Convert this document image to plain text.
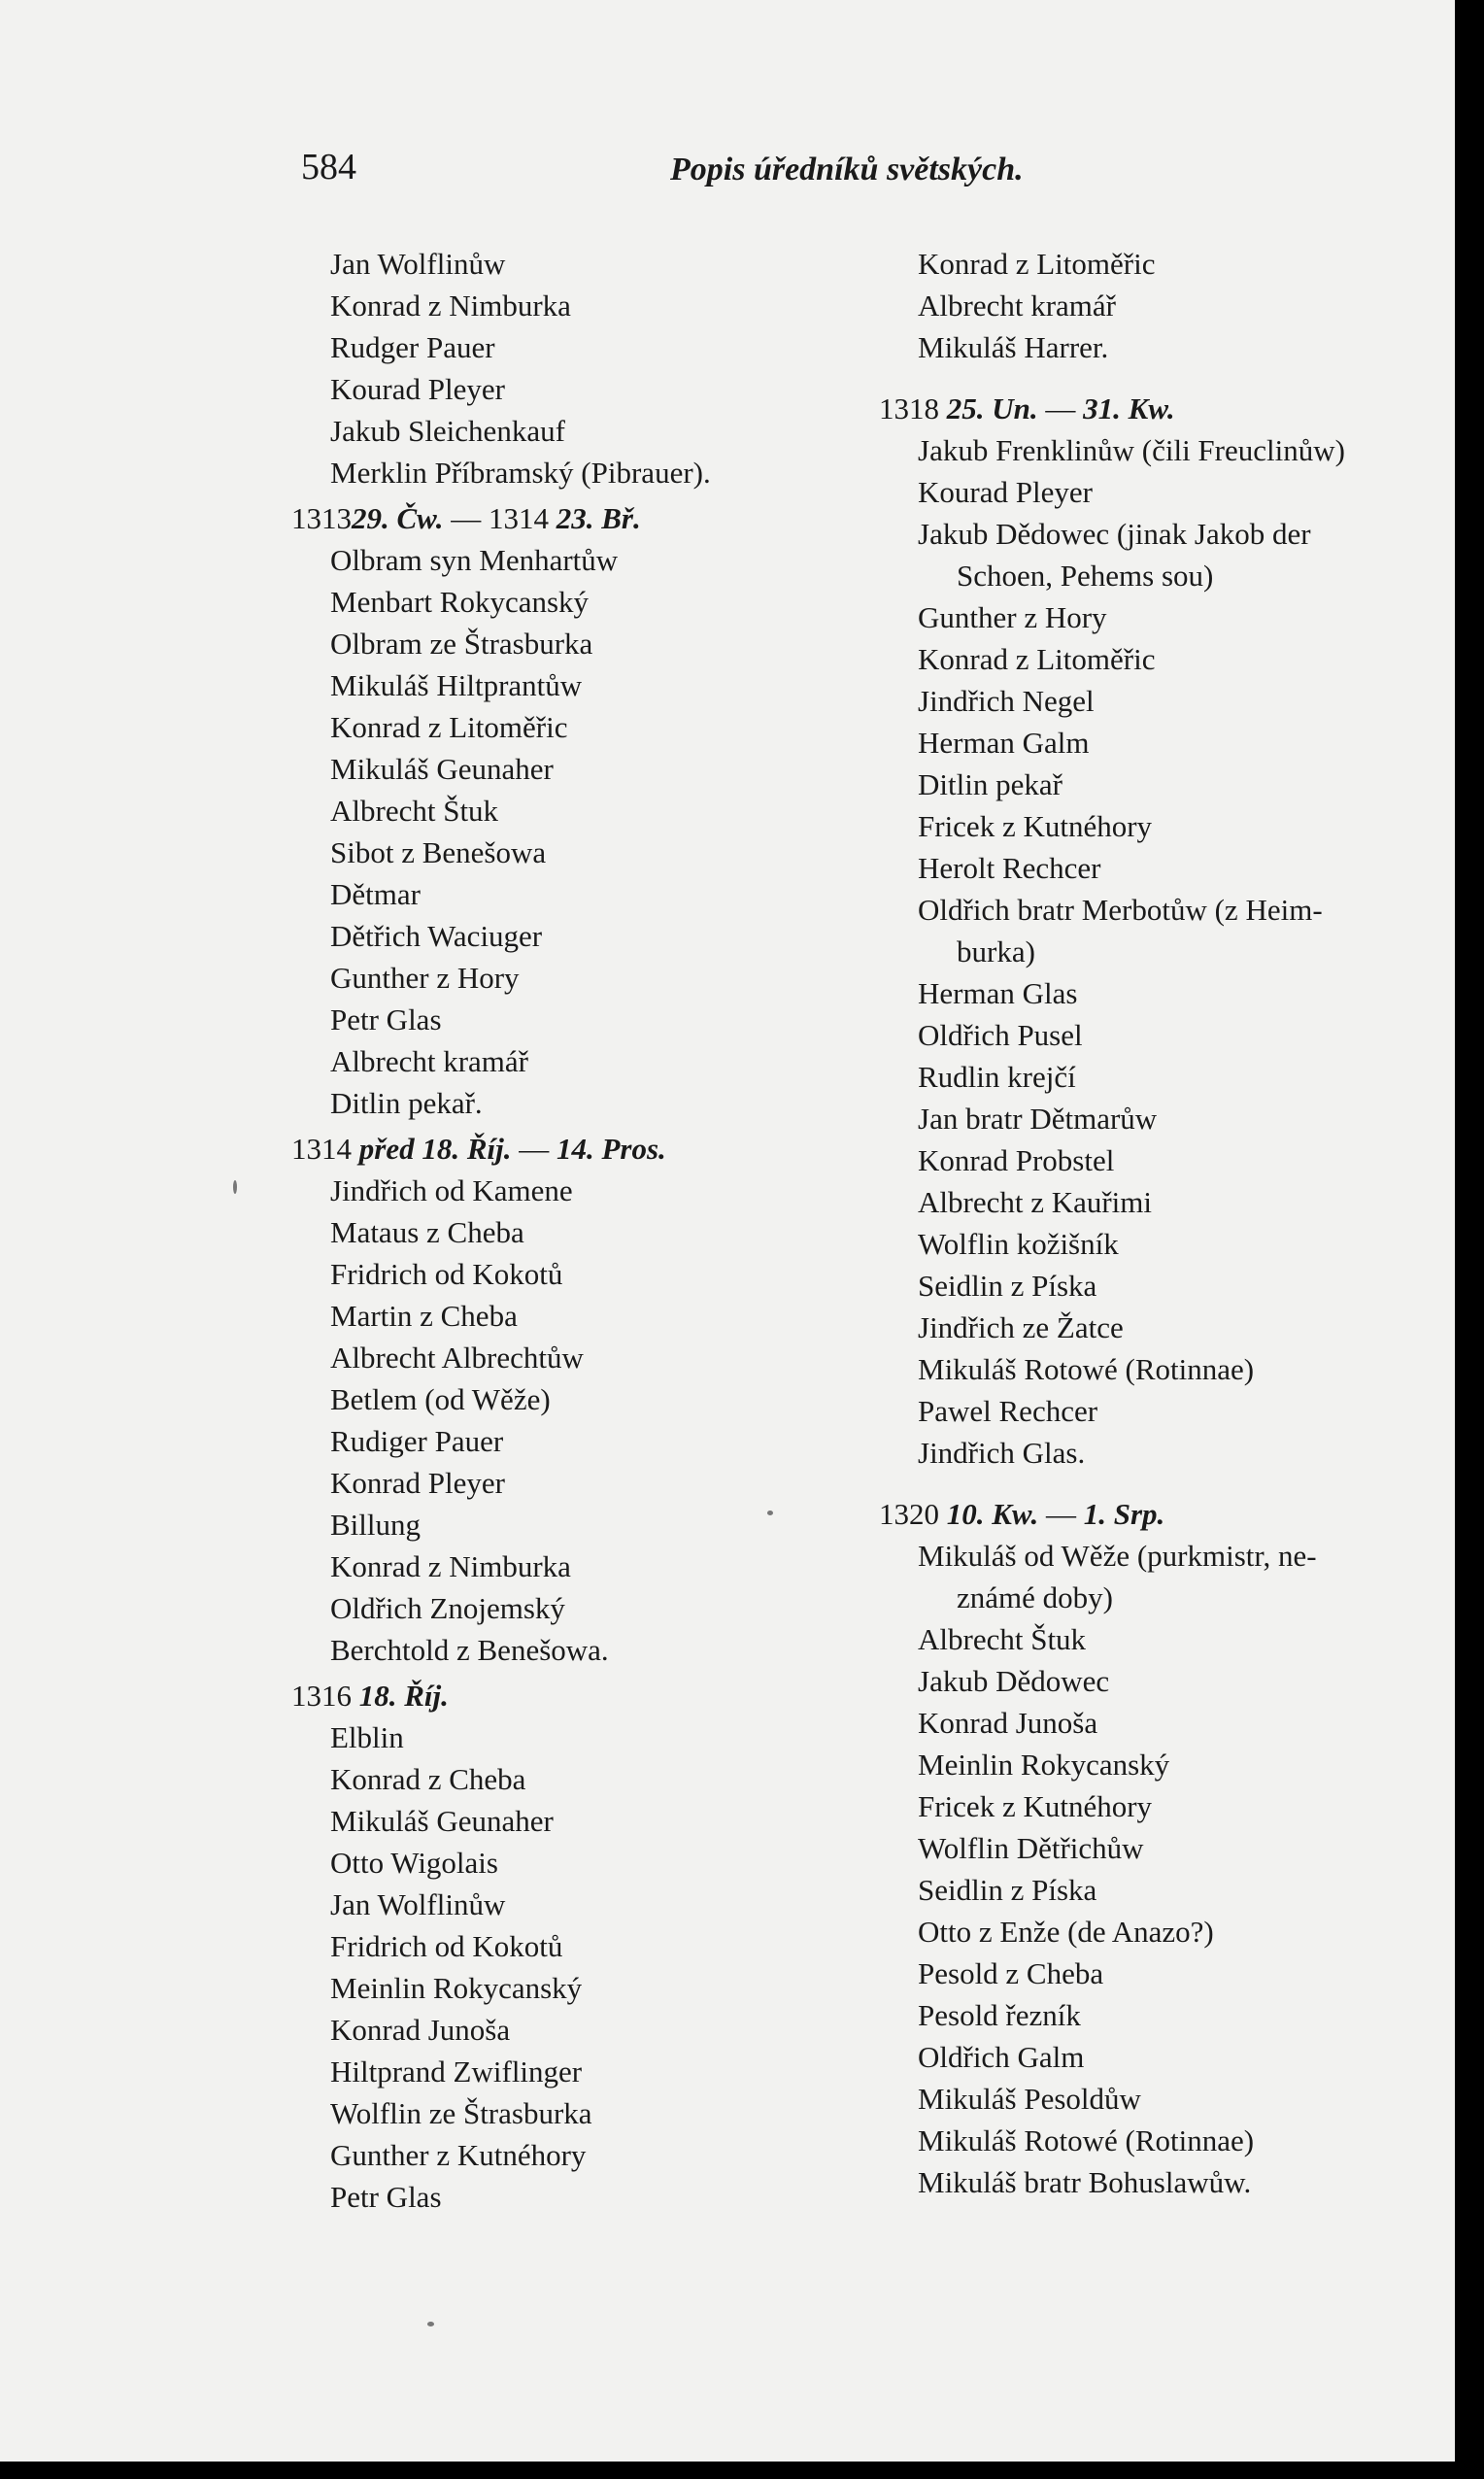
584	Popis úředníků světských.
Jan Wolflinůw
Konrad z Nimburka
Rudger Pauer
Kourad Pleyer
Jakub Sleichenkauf
Merklin Příbramský (Pibrauer).
131329. Čw. — 1314 23. Bř.
Olbram syn Menhartůw
Menbart Rokycanský
Olbram ze Štrasburka
Mikuláš Hiltprantůw
Konrad z Litoměřic
Mikuláš Geunaher
Albrecht Štuk
Sibot z Benešowa
Dětmar
Dětřich Waciuger
Gunther z Hory
Petr Glas
Albrecht kramář
Ditlin pekař.
1314 před 18. Říj. — 14. Pros.
Jindřich od Kamene
Mataus z Cheba
Fridrich od Kokotů
Martin z Cheba
Albrecht Albrechtůw
Betlem (od Wěže)
Rudiger Pauer
Konrad Pleyer
Billung
Konrad z Nimburka
Oldřich Znojemský
Berchtold z Benešowa.
1316 18. Říj.
Elblin
Konrad z Cheba
Mikuláš Geunaher
Otto Wigolais
Jan Wolflinůw
Fridrich od Kokotů
Meinlin Rokycanský
Konrad Junoša
Hiltprand Zwiflinger
Wolflin ze Štrasburka
Gunther z Kutnéhory
Petr Glas
Konrad z Litoměřic
Albrecht kramář
Mikuláš Harrer.
1318 25. Un. — 31. Kw.
Jakub Frenklinůw (čili Freuclinůw)
Kourad Pleyer
Jakub Dědowec (jinak Jakob der
Schoen, Pehems sou)
Gunther z Hory
Konrad z Litoměřic
Jindřich Negel
Herman Galm
Ditlin pekař
Fricek z Kutnéhory
Herolt Rechcer
Oldřich bratr Merbotůw (z Heim-
burka)
Herman Glas
Oldřich Pusel
Rudlin krejčí
Jan bratr Dětmarůw
Konrad Probstel
Albrecht z Kauřimi
Wolflin kožišník
Seidlin z Píska
Jindřich ze Žatce
Mikuláš Rotowé (Rotinnae)
Pawel Rechcer
Jindřich Glas.
1320 10. Kw. — 1. Srp.
Mikuláš od Wěže (purkmistr, ne-
známé doby)
Albrecht Štuk
Jakub Dědowec
Konrad Junoša
Meinlin Rokycanský
Fricek z Kutnéhory
Wolflin Dětřichůw
Seidlin z Píska
Otto z Enže (de Anazo?)
Pesold z Cheba
Pesold řezník
Oldřich Galm
Mikuláš Pesoldůw
Mikuláš Rotowé (Rotinnae)
Mikuláš bratr Bohuslawůw.
